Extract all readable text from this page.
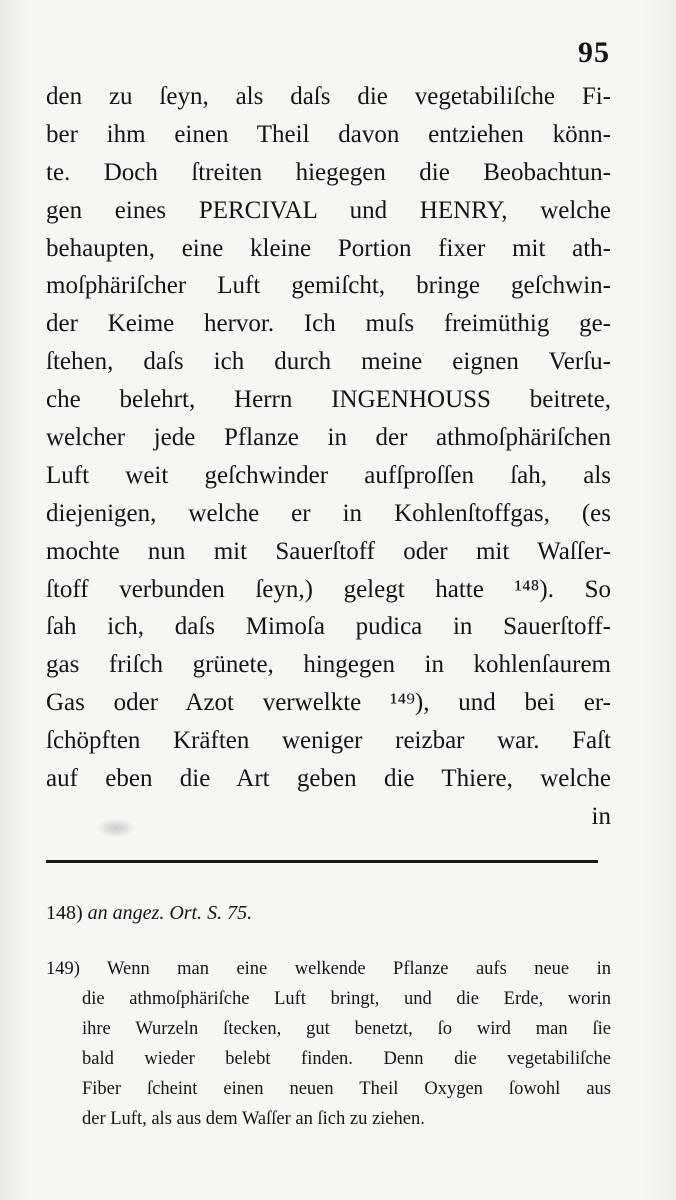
95
den zu ſeyn, als daſs die vegetabiliſche Fi-
ber ihm einen Theil davon entziehen könn-
te. Doch ſtreiten hiegegen die Beobachtun-
gen eines PERCIVAL und HENRY, welche
behaupten, eine kleine Portion fixer mit ath-
moſphäriſcher Luft gemiſcht, bringe geſchwin-
der Keime hervor. Ich muſs freimüthig ge-
ſtehen, daſs ich durch meine eignen Verſu-
che belehrt, Herrn INGENHOUSS beitrete,
welcher jede Pflanze in der athmoſphäriſchen
Luft weit geſchwinder aufſproſſen ſah, als
diejenigen, welche er in Kohlenſtoffgas, (es
mochte nun mit Sauerſtoff oder mit Waſſer-
ſtoff verbunden ſeyn,) gelegt hatte ¹⁴⁸). So
ſah ich, daſs Mimoſa pudica in Sauerſtoff-
gas friſch grünete, hingegen in kohlenſaurem
Gas oder Azot verwelkte ¹⁴⁹), und bei er-
ſchöpften Kräften weniger reizbar war. Faſt
auf eben die Art geben die Thiere, welche
in
148) an angez. Ort. S. 75.
149) Wenn man eine welkende Pflanze aufs neue in
die athmoſphäriſche Luft bringt, und die Erde, worin
ihre Wurzeln ſtecken, gut benetzt, ſo wird man ſie
bald wieder belebt finden. Denn die vegetabiliſche
Fiber ſcheint einen neuen Theil Oxygen ſowohl aus
der Luft, als aus dem Waſſer an ſich zu ziehen.
